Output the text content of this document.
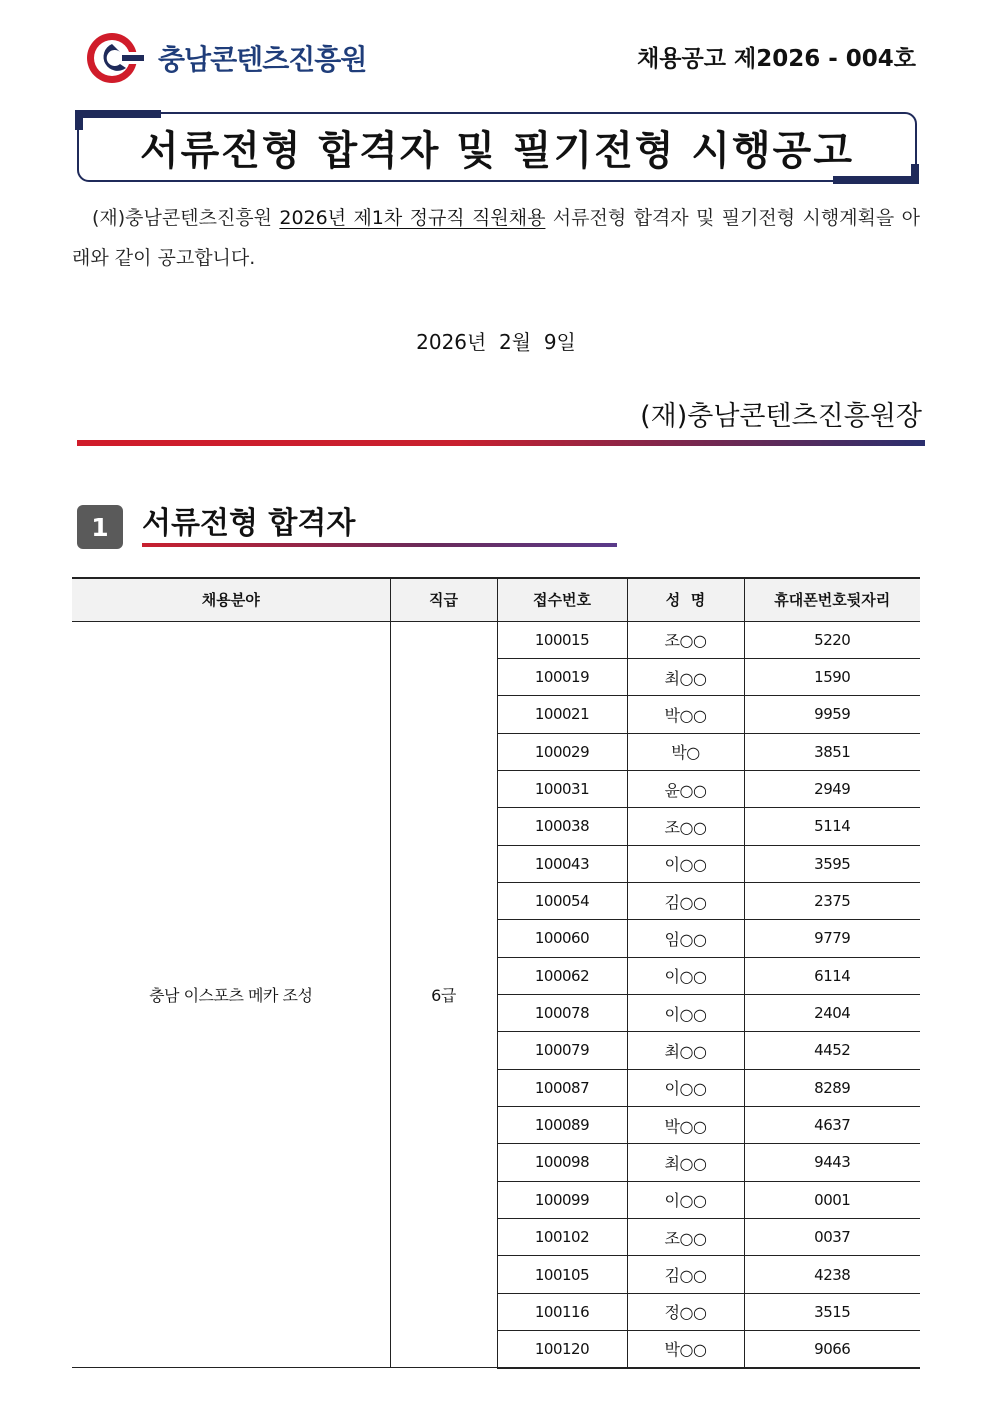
충남콘텐츠진흥원	채용공고 제2026 - 004호
서류전형 합격자 및 필기전형 시행공고

(재)충남콘텐츠진흥원 2026년 제1차 정규직 직원채용 서류전형 합격자 및 필기전형 시행계획을 아래와 같이 공고합니다.

2026년  2월  9일
(재)충남콘텐츠진흥원장
1	서류전형 합격자
채용분야	직급	접수번호	성  명	휴대폰번호뒷자리
충남 이스포츠 메카 조성	6급	100015	조○○	5220
		100019	최○○	1590
		100021	박○○	9959
		100029	박○	3851
		100031	윤○○	2949
		100038	조○○	5114
		100043	이○○	3595
		100054	김○○	2375
		100060	임○○	9779
		100062	이○○	6114
		100078	이○○	2404
		100079	최○○	4452
		100087	이○○	8289
		100089	박○○	4637
		100098	최○○	9443
		100099	이○○	0001
		100102	조○○	0037
		100105	김○○	4238
		100116	정○○	3515
		100120	박○○	9066
